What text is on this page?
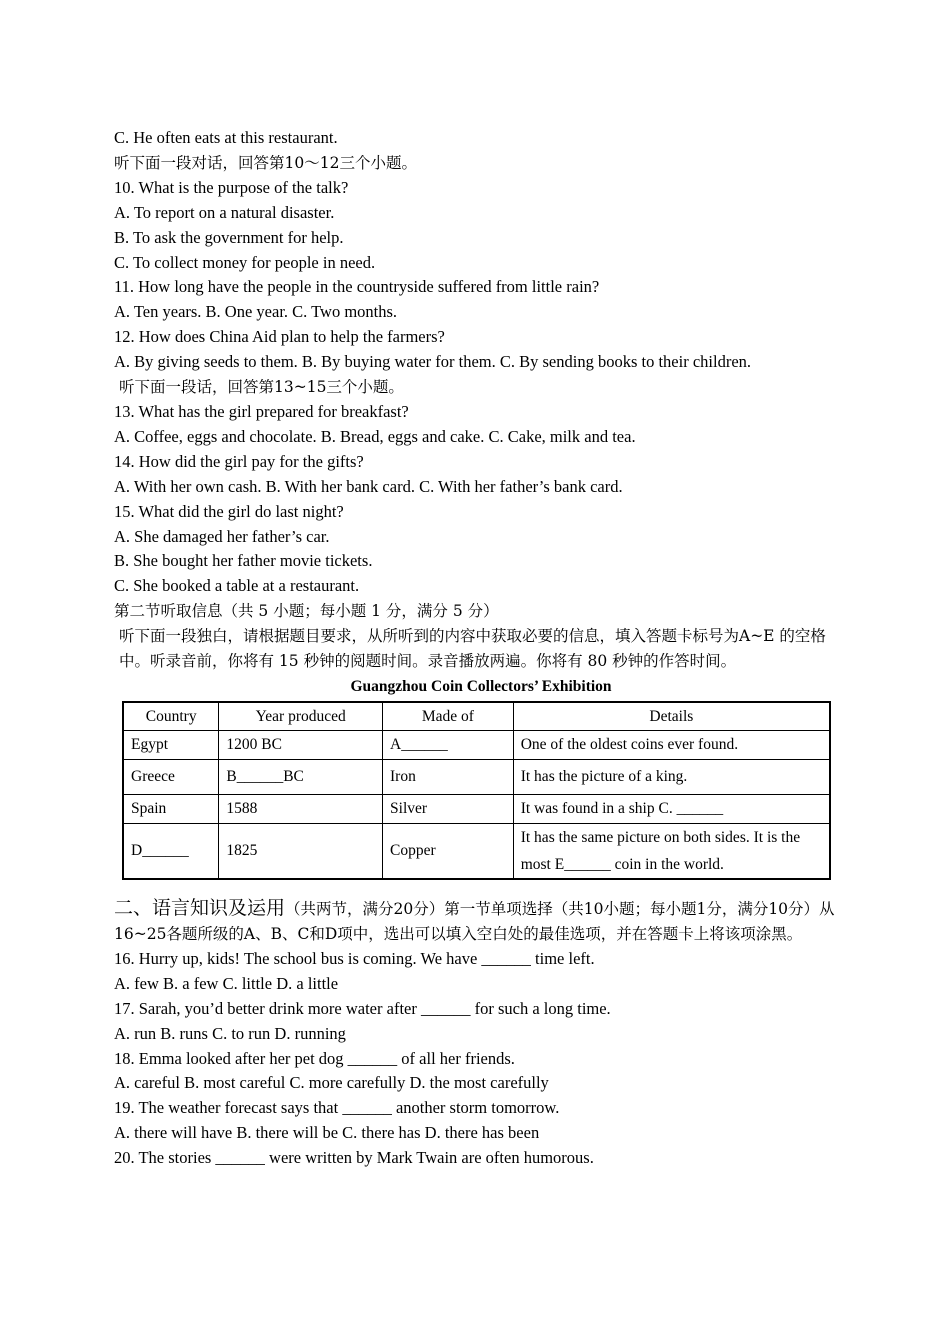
C. He often eats at this restaurant.
听下面一段对话，回答第10～12三个小题。
10. What is the purpose of the talk?
A. To report on a natural disaster.
B. To ask the government for help.
C. To collect money for people in need.
11. How long have the people in the countryside suffered from little rain?
A. Ten years. B. One year. C. Two months.
12. How does China Aid plan to help the farmers?
A. By giving seeds to them. B. By buying water for them. C. By sending books to their children.
听下面一段话，回答第13~15三个小题。
13. What has the girl prepared for breakfast?
A. Coffee, eggs and chocolate. B. Bread, eggs and cake. C. Cake, milk and tea.
14. How did the girl pay for the gifts?
A. With her own cash. B. With her bank card. C. With her father’s bank card.
15. What did the girl do last night?
A. She damaged her father’s car.
B. She bought her father movie tickets.
C. She booked a table at a restaurant.
第二节听取信息（共 5 小题；每小题 1 分，满分 5 分）
听下面一段独白，请根据题目要求，从所听到的内容中获取必要的信息，填入答题卡标号为A~E 的空格中。听录音前，你将有 15 秒钟的阅题时间。录音播放两遍。你将有 80 秒钟的作答时间。
Guangzhou Coin Collectors’ Exhibition
Country	Year produced	Made of	Details
Egypt	1200 BC	A______	One of the oldest coins ever found.
Greece	B______BC	Iron	It has the picture of a king.
Spain	1588	Silver	It was found in a ship C. ______
D______	1825	Copper	It has the same picture on both sides. It is the most E______ coin in the world.
二、语言知识及运用（共两节，满分20分）第一节单项选择（共10小题；每小题1分，满分10分）从16~25各题所级的A、B、C和D项中，选出可以填入空白处的最佳选项，并在答题卡上将该项涂黑。
16. Hurry up, kids! The school bus is coming. We have ______ time left.
A. few B. a few C. little D. a little
17. Sarah, you’d better drink more water after ______ for such a long time.
A. run B. runs C. to run D. running
18. Emma looked after her pet dog ______ of all her friends.
A. careful B. most careful C. more carefully D. the most carefully
19. The weather forecast says that ______ another storm tomorrow.
A. there will have B. there will be C. there has D. there has been
20. The stories ______ were written by Mark Twain are often humorous.
